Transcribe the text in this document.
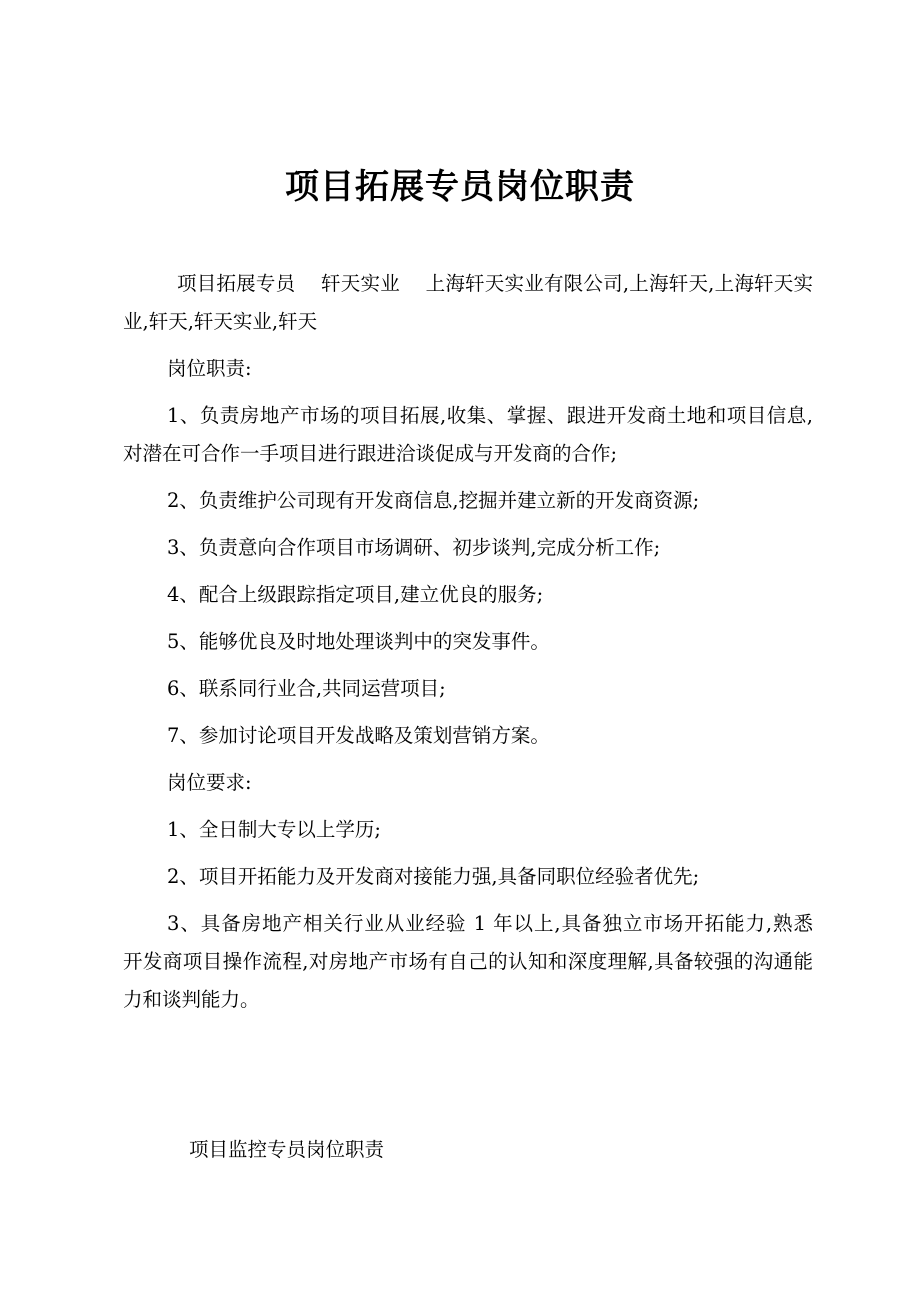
项目拓展专员岗位职责

项目拓展专员    轩天实业    上海轩天实业有限公司,上海轩天,上海轩天实业,轩天,轩天实业,轩天

岗位职责:

1、负责房地产市场的项目拓展,收集、掌握、跟进开发商土地和项目信息,对潜在可合作一手项目进行跟进洽谈促成与开发商的合作;

2、负责维护公司现有开发商信息,挖掘并建立新的开发商资源;

3、负责意向合作项目市场调研、初步谈判,完成分析工作;

4、配合上级跟踪指定项目,建立优良的服务;

5、能够优良及时地处理谈判中的突发事件。

6、联系同行业合,共同运营项目;

7、参加讨论项目开发战略及策划营销方案。

岗位要求:

1、全日制大专以上学历;

2、项目开拓能力及开发商对接能力强,具备同职位经验者优先;

3、具备房地产相关行业从业经验 1 年以上,具备独立市场开拓能力,熟悉    开发商项目操作流程,对房地产市场有自己的认知和深度理解,具备较强的沟通能力和谈判能力。

项目监控专员岗位职责
